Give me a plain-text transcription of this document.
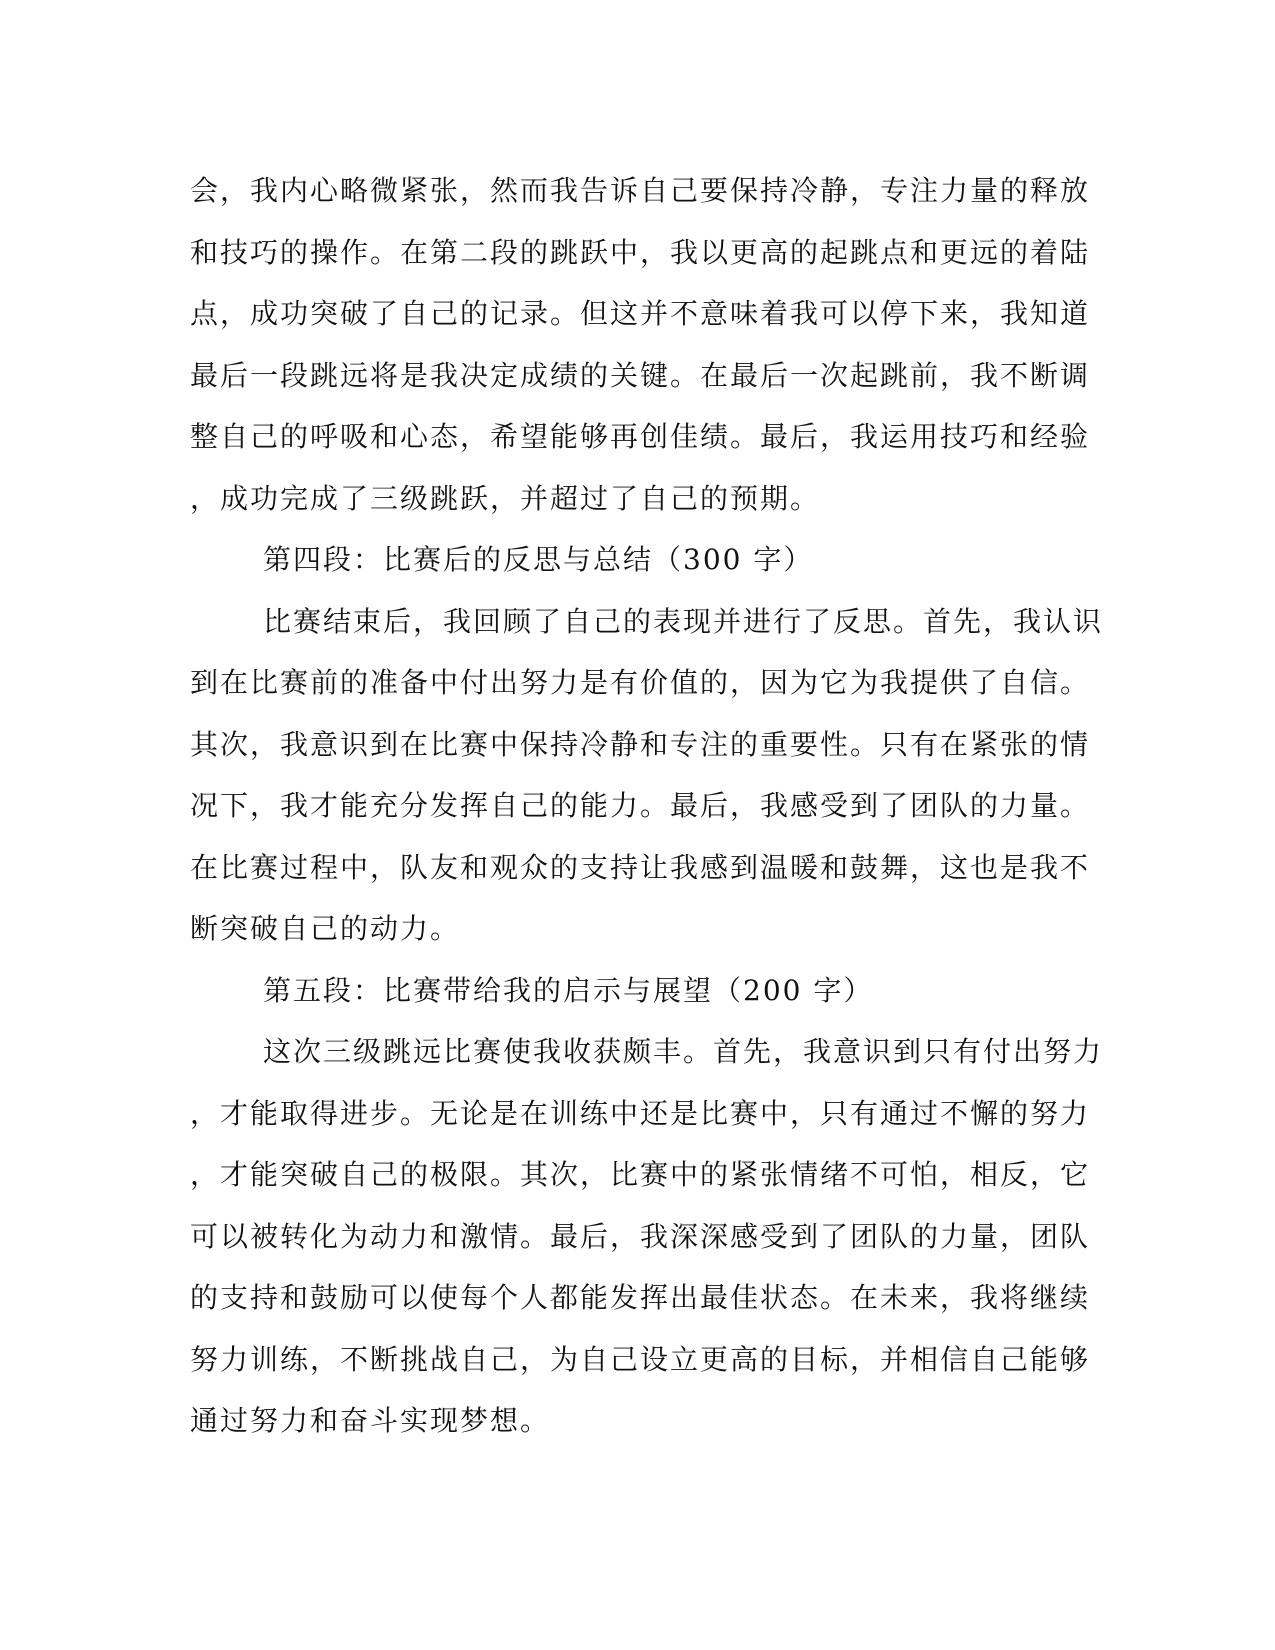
会，我内心略微紧张，然而我告诉自己要保持冷静，专注力量的释放
和技巧的操作。在第二段的跳跃中，我以更高的起跳点和更远的着陆
点，成功突破了自己的记录。但这并不意味着我可以停下来，我知道
最后一段跳远将是我决定成绩的关键。在最后一次起跳前，我不断调
整自己的呼吸和心态，希望能够再创佳绩。最后，我运用技巧和经验
，成功完成了三级跳跃，并超过了自己的预期。
第四段：比赛后的反思与总结（300 字）
比赛结束后，我回顾了自己的表现并进行了反思。首先，我认识
到在比赛前的准备中付出努力是有价值的，因为它为我提供了自信。
其次，我意识到在比赛中保持冷静和专注的重要性。只有在紧张的情
况下，我才能充分发挥自己的能力。最后，我感受到了团队的力量。
在比赛过程中，队友和观众的支持让我感到温暖和鼓舞，这也是我不
断突破自己的动力。
第五段：比赛带给我的启示与展望（200 字）
这次三级跳远比赛使我收获颇丰。首先，我意识到只有付出努力
，才能取得进步。无论是在训练中还是比赛中，只有通过不懈的努力
，才能突破自己的极限。其次，比赛中的紧张情绪不可怕，相反，它
可以被转化为动力和激情。最后，我深深感受到了团队的力量，团队
的支持和鼓励可以使每个人都能发挥出最佳状态。在未来，我将继续
努力训练，不断挑战自己，为自己设立更高的目标，并相信自己能够
通过努力和奋斗实现梦想。
